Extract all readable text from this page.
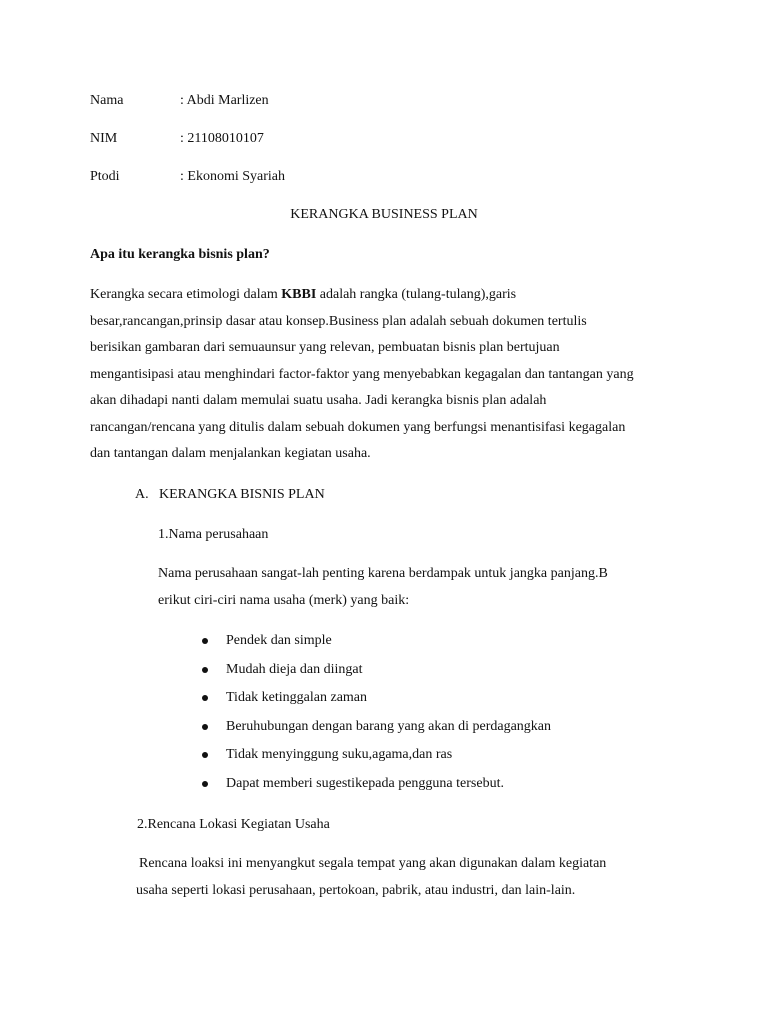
Nama	: Abdi Marlizen
NIM	: 21108010107
Ptodi	: Ekonomi Syariah
KERANGKA BUSINESS PLAN
Apa itu kerangka bisnis plan?
Kerangka secara etimologi dalam KBBI adalah rangka (tulang-tulang),garis
besar,rancangan,prinsip dasar atau konsep.Business plan adalah sebuah dokumen tertulis
berisikan gambaran dari semuaunsur yang relevan, pembuatan bisnis plan bertujuan
mengantisipasi atau menghindari factor-faktor yang menyebabkan kegagalan dan tantangan yang
akan dihadapi nanti dalam memulai suatu usaha. Jadi kerangka bisnis plan adalah
rancangan/rencana yang ditulis dalam sebuah dokumen yang berfungsi menantisifasi kegagalan
dan tantangan dalam menjalankan kegiatan usaha.
A. KERANGKA BISNIS PLAN
1.Nama perusahaan
Nama perusahaan sangat-lah penting karena berdampak untuk jangka panjang.B
erikut ciri-ciri nama usaha (merk) yang baik:
Pendek dan simple
Mudah dieja dan diingat
Tidak ketinggalan zaman
Beruhubungan dengan barang yang akan di perdagangkan
Tidak menyinggung suku,agama,dan ras
Dapat memberi sugestikepada pengguna tersebut.
2.Rencana Lokasi Kegiatan Usaha
Rencana loaksi ini menyangkut segala tempat yang akan digunakan dalam kegiatan
usaha seperti lokasi perusahaan, pertokoan, pabrik, atau industri, dan lain-lain.
